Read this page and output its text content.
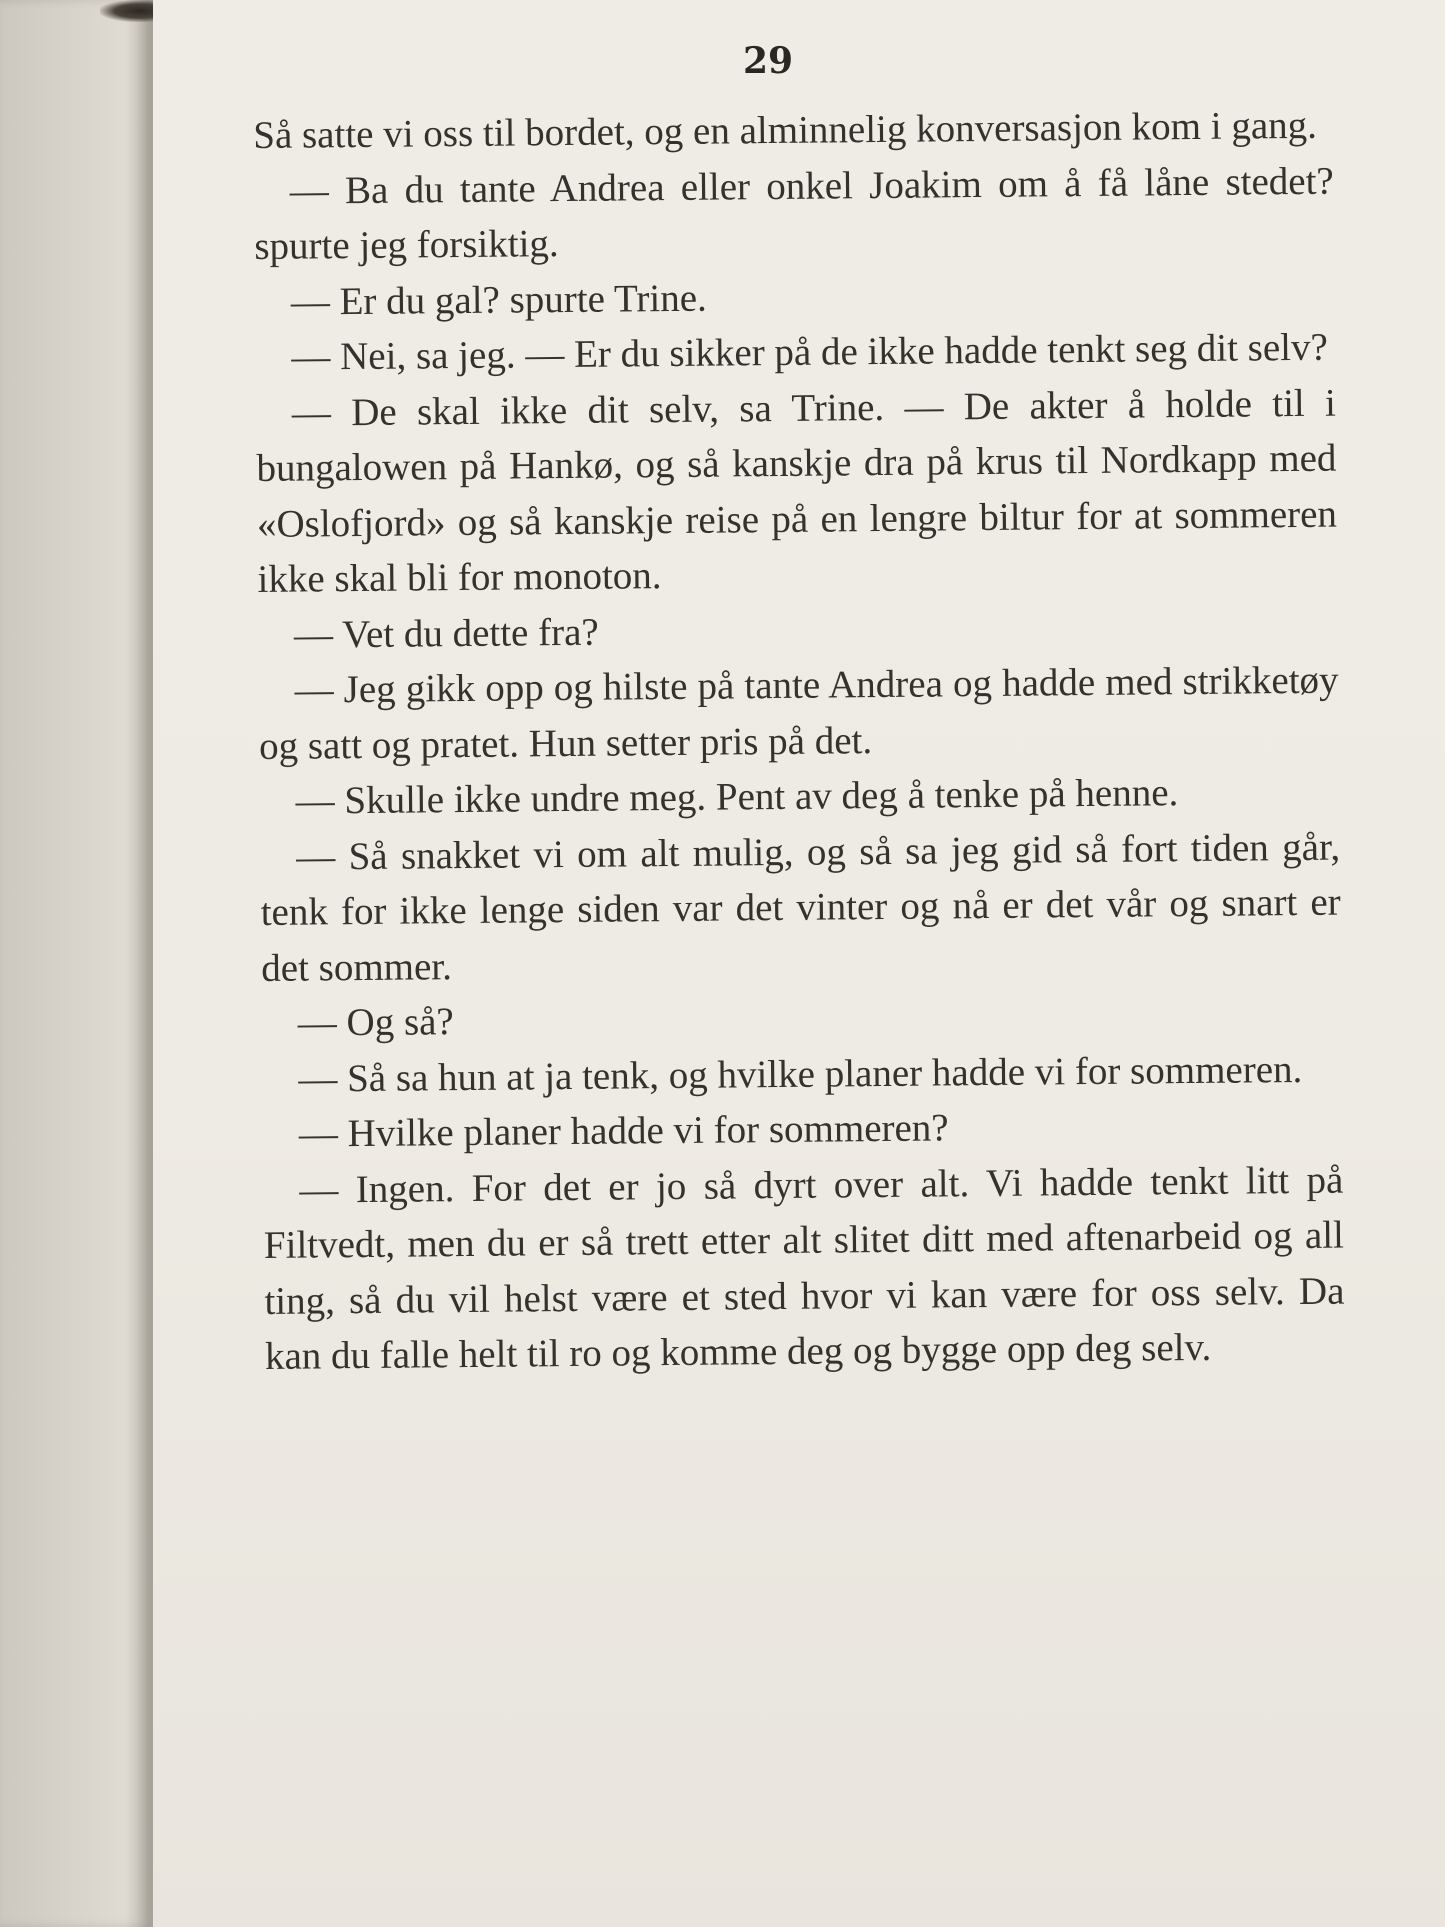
29

Så satte vi oss til bordet, og en alminnelig konversasjon kom i gang.

— Ba du tante Andrea eller onkel Joakim om å få låne stedet? spurte jeg forsiktig.

— Er du gal? spurte Trine.

— Nei, sa jeg. — Er du sikker på de ikke hadde tenkt seg dit selv?

— De skal ikke dit selv, sa Trine. — De akter å holde til i bungalowen på Hankø, og så kanskje dra på krus til Nordkapp med «Oslofjord» og så kanskje reise på en lengre biltur for at sommeren ikke skal bli for monoton.

— Vet du dette fra?

— Jeg gikk opp og hilste på tante Andrea og hadde med strikketøy og satt og pratet. Hun setter pris på det.

— Skulle ikke undre meg. Pent av deg å tenke på henne.

— Så snakket vi om alt mulig, og så sa jeg gid så fort tiden går, tenk for ikke lenge siden var det vinter og nå er det vår og snart er det sommer.

— Og så?

— Så sa hun at ja tenk, og hvilke planer hadde vi for sommeren.

— Hvilke planer hadde vi for sommeren?

— Ingen. For det er jo så dyrt over alt. Vi hadde tenkt litt på Filtvedt, men du er så trett etter alt slitet ditt med aftenarbeid og all ting, så du vil helst være et sted hvor vi kan være for oss selv. Da kan du falle helt til ro og komme deg og bygge opp deg selv.
